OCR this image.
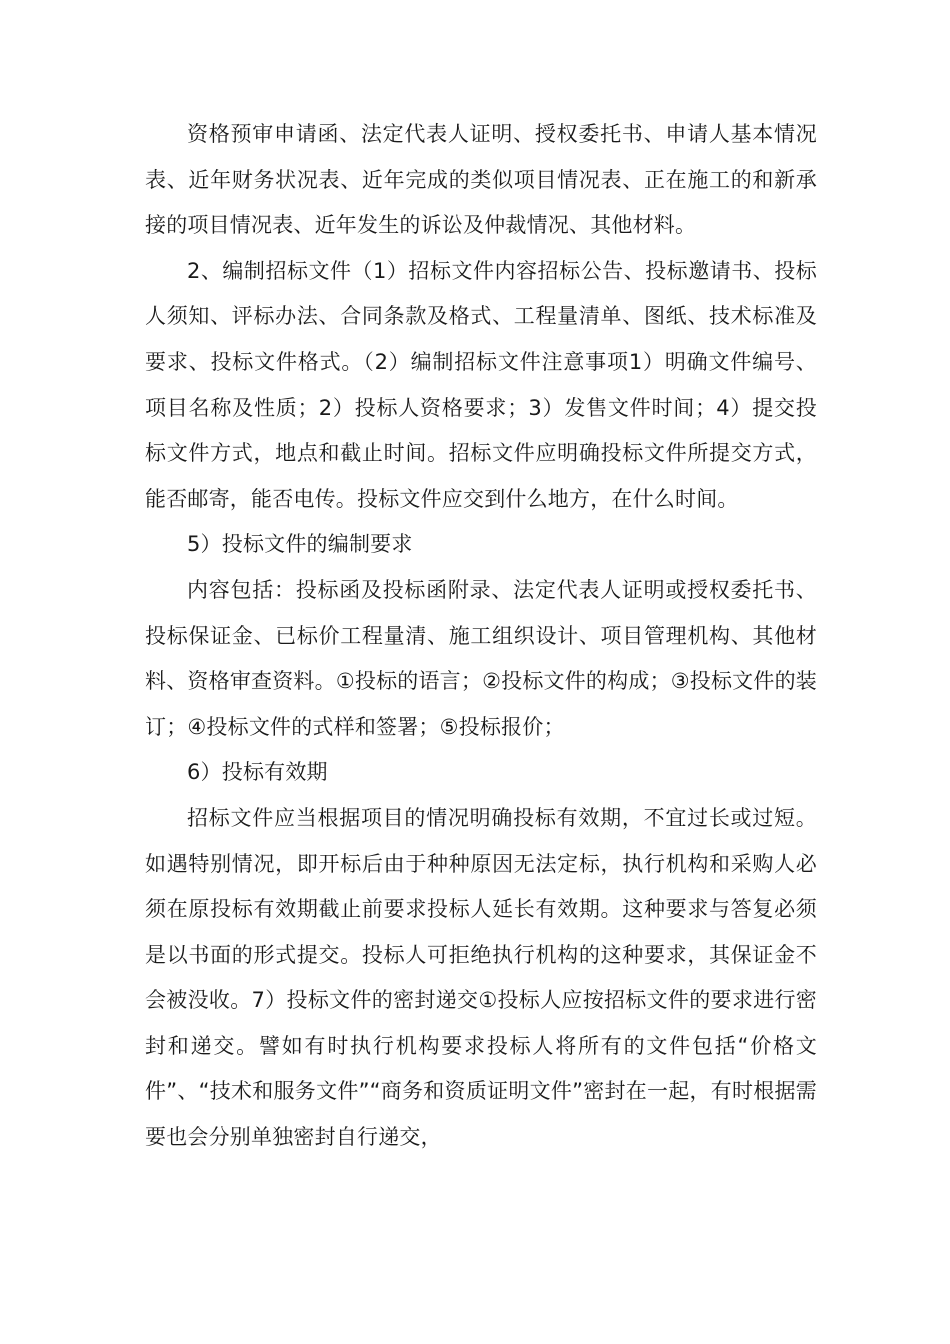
资格预审申请函、法定代表人证明、授权委托书、申请人基本情况表、近年财务状况表、近年完成的类似项目情况表、正在施工的和新承接的项目情况表、近年发生的诉讼及仲裁情况、其他材料。

2、编制招标文件（1）招标文件内容招标公告、投标邀请书、投标人须知、评标办法、合同条款及格式、工程量清单、图纸、技术标准及要求、投标文件格式。（2）编制招标文件注意事项1）明确文件编号、项目名称及性质；2）投标人资格要求；3）发售文件时间；4）提交投标文件方式，地点和截止时间。招标文件应明确投标文件所提交方式，能否邮寄，能否电传。投标文件应交到什么地方，在什么时间。

5）投标文件的编制要求

内容包括：投标函及投标函附录、法定代表人证明或授权委托书、投标保证金、已标价工程量清、施工组织设计、项目管理机构、其他材料、资格审查资料。①投标的语言；②投标文件的构成；③投标文件的装订；④投标文件的式样和签署；⑤投标报价；

6）投标有效期

招标文件应当根据项目的情况明确投标有效期，不宜过长或过短。如遇特别情况，即开标后由于种种原因无法定标，执行机构和采购人必须在原投标有效期截止前要求投标人延长有效期。这种要求与答复必须是以书面的形式提交。投标人可拒绝执行机构的这种要求，其保证金不会被没收。7）投标文件的密封递交①投标人应按招标文件的要求进行密封和递交。譬如有时执行机构要求投标人将所有的文件包括“价格文件”、“技术和服务文件”“商务和资质证明文件”密封在一起，有时根据需要也会分别单独密封自行递交，
